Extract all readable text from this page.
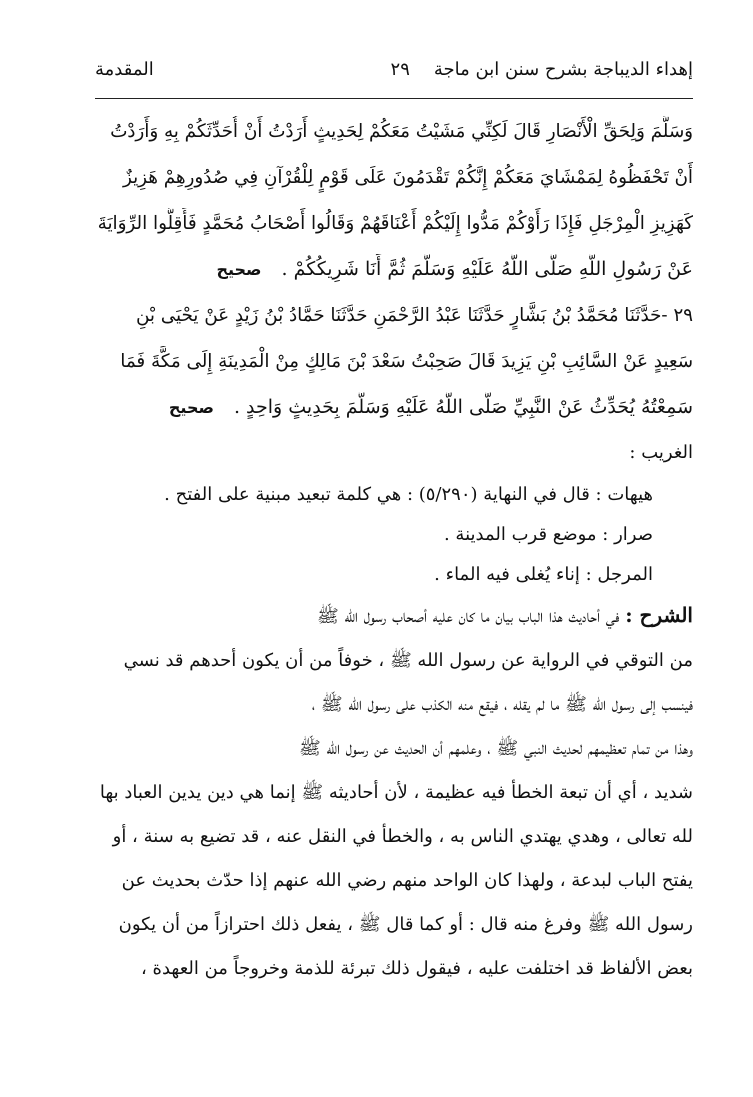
المقدمة	إهداء الديباجة بشرح سنن ابن ماجة
٢٩
وَسَلَّمَ وَلِحَقِّ الْأَنْصَارِ قَالَ لَكِنِّي مَشَيْتُ مَعَكُمْ لِحَدِيثٍ أَرَدْتُ أَنْ أُحَدِّثَكُمْ بِهِ وَأَرَدْتُ
أَنْ تَحْفَظُوهُ لِمَمْشَايَ مَعَكُمْ إِنَّكُمْ تَقْدَمُونَ عَلَى قَوْمٍ لِلْقُرْآنِ فِي صُدُورِهِمْ هَزِيزٌ
كَهَزِيزِ الْمِرْجَلِ فَإِذَا رَأَوْكُمْ مَدُّوا إِلَيْكُمْ أَعْنَاقَهُمْ وَقَالُوا أَصْحَابُ مُحَمَّدٍ فَأَقِلُّوا الرِّوَايَةَ
عَنْ رَسُولِ اللَّهِ صَلَّى اللَّهُ عَلَيْهِ وَسَلَّمَ ثُمَّ أَنَا شَرِيكُكُمْ .صحيح
٢٩ -حَدَّثَنَا مُحَمَّدُ بْنُ بَشَّارٍ حَدَّثَنَا عَبْدُ الرَّحْمَنِ حَدَّثَنَا حَمَّادُ بْنُ زَيْدٍ عَنْ يَحْيَى بْنِ
سَعِيدٍ عَنْ السَّائِبِ بْنِ يَزِيدَ قَالَ صَحِبْتُ سَعْدَ بْنَ مَالِكٍ مِنْ الْمَدِينَةِ إِلَى مَكَّةَ فَمَا
سَمِعْتُهُ يُحَدِّثُ عَنْ النَّبِيِّ صَلَّى اللَّهُ عَلَيْهِ وَسَلَّمَ بِحَدِيثٍ وَاحِدٍ .صحيح
الغريب :
هيهات : قال في النهاية (٥/٢٩٠) : هي كلمة تبعيد مبنية على الفتح .
صرار : موضع قرب المدينة .
المرجل : إناء يُغلى فيه الماء .
الشرح : في أحاديث هذا الباب بيان ما كان عليه أصحاب رسول الله ﷺ
من التوقي في الرواية عن رسول الله ﷺ ، خوفاً من أن يكون أحدهم قد نسي
فينسب إلى رسول الله ﷺ ما لم يقله ، فيقع منه الكذب على رسول الله ﷺ ،
وهذا من تمام تعظيمهم لحديث النبي ﷺ ، وعلمهم أن الحديث عن رسول الله ﷺ
شديد ، أي أن تبعة الخطأ فيه عظيمة ، لأن أحاديثه ﷺ إنما هي دين يدين العباد بها
لله تعالى ، وهدي يهتدي الناس به ، والخطأ في النقل عنه ، قد تضيع به سنة ، أو
يفتح الباب لبدعة ، ولهذا كان الواحد منهم رضي الله عنهم إذا حدّث بحديث عن
رسول الله ﷺ وفرغ منه قال : أو كما قال ﷺ ، يفعل ذلك احترازاً من أن يكون
بعض الألفاظ قد اختلفت عليه ، فيقول ذلك تبرئة للذمة وخروجاً من العهدة ،
